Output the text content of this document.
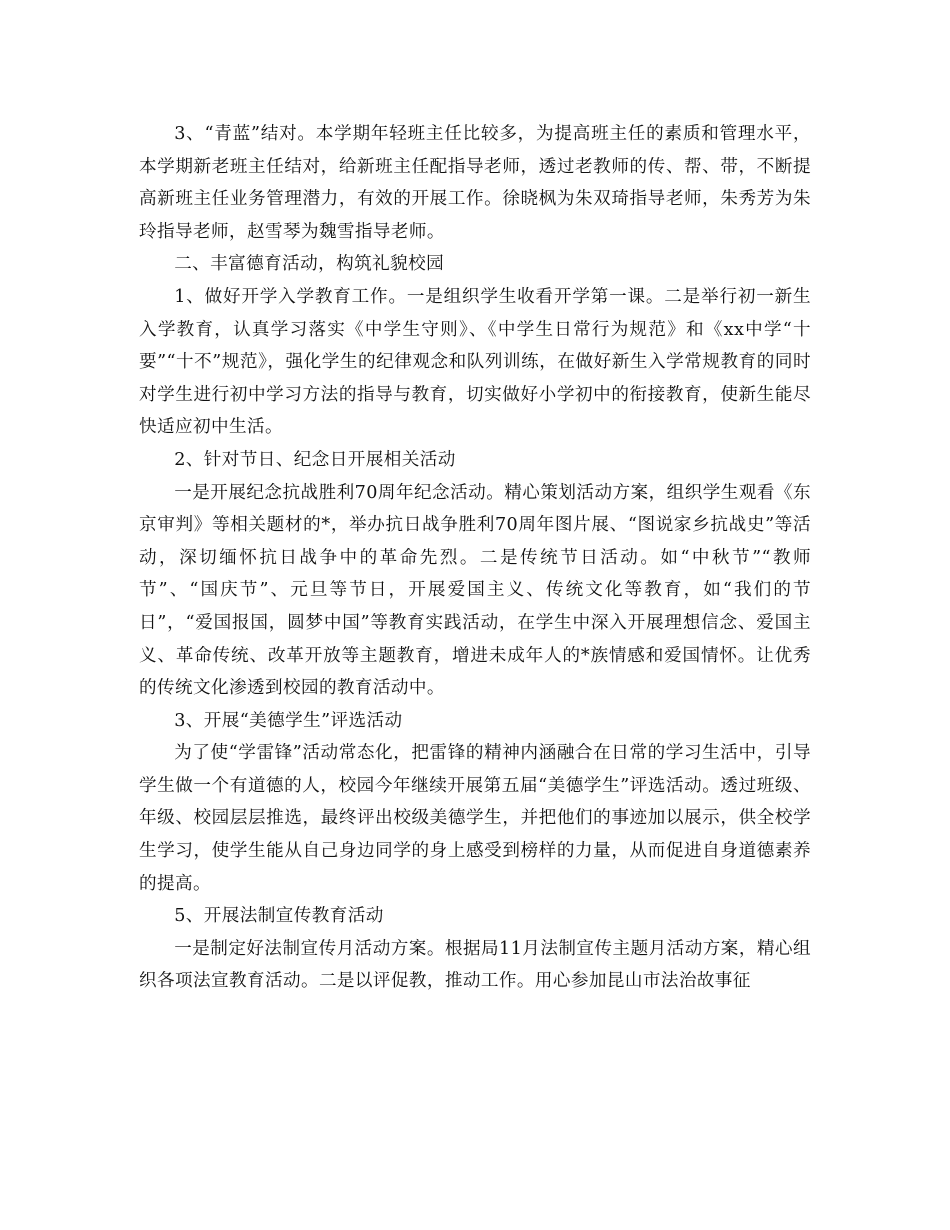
3、“青蓝”结对。本学期年轻班主任比较多，为提高班主任的素质和管理水平，本学期新老班主任结对，给新班主任配指导老师，透过老教师的传、帮、带，不断提高新班主任业务管理潜力，有效的开展工作。徐晓枫为朱双琦指导老师，朱秀芳为朱玲指导老师，赵雪琴为魏雪指导老师。

二、丰富德育活动，构筑礼貌校园

1、做好开学入学教育工作。一是组织学生收看开学第一课。二是举行初一新生入学教育，认真学习落实《中学生守则》、《中学生日常行为规范》和《xx中学“十要”“十不”规范》，强化学生的纪律观念和队列训练，在做好新生入学常规教育的同时对学生进行初中学习方法的指导与教育，切实做好小学初中的衔接教育，使新生能尽快适应初中生活。

2、针对节日、纪念日开展相关活动

一是开展纪念抗战胜利70周年纪念活动。精心策划活动方案，组织学生观看《东京审判》等相关题材的*，举办抗日战争胜利70周年图片展、“图说家乡抗战史”等活动，深切缅怀抗日战争中的革命先烈。二是传统节日活动。如“中秋节”“教师节”、“国庆节”、元旦等节日，开展爱国主义、传统文化等教育，如“我们的节日”，“爱国报国，圆梦中国”等教育实践活动，在学生中深入开展理想信念、爱国主义、革命传统、改革开放等主题教育，增进未成年人的*族情感和爱国情怀。让优秀的传统文化渗透到校园的教育活动中。

3、开展“美德学生”评选活动

为了使“学雷锋”活动常态化，把雷锋的精神内涵融合在日常的学习生活中，引导学生做一个有道德的人，校园今年继续开展第五届“美德学生”评选活动。透过班级、年级、校园层层推选，最终评出校级美德学生，并把他们的事迹加以展示，供全校学生学习，使学生能从自己身边同学的身上感受到榜样的力量，从而促进自身道德素养的提高。

5、开展法制宣传教育活动

一是制定好法制宣传月活动方案。根据局11月法制宣传主题月活动方案，精心组织各项法宣教育活动。二是以评促教，推动工作。用心参加昆山市法治故事征
